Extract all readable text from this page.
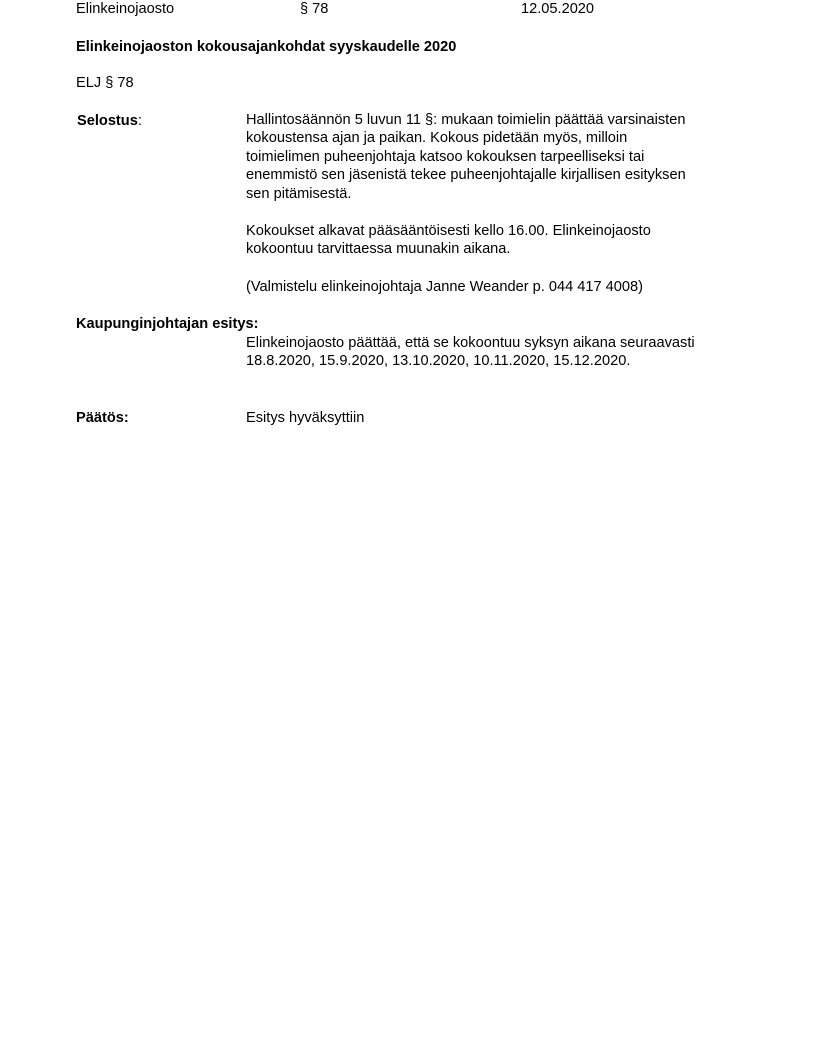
Elinkeinojaosto	§ 78	12.05.2020
Elinkeinojaoston kokousajankohdat syyskaudelle 2020
ELJ § 78
Selostus:	Hallintosäännön 5 luvun 11 §: mukaan toimielin päättää varsinaisten
kokoustensa ajan ja paikan. Kokous pidetään myös, milloin
toimielimen puheenjohtaja katsoo kokouksen tarpeelliseksi tai
enemmistö sen jäsenistä tekee puheenjohtajalle kirjallisen esityksen
sen pitämisestä.
Kokoukset alkavat pääsääntöisesti kello 16.00. Elinkeinojaosto
kokoontuu tarvittaessa muunakin aikana.
(Valmistelu elinkeinojohtaja Janne Weander p. 044 417 4008)
Kaupunginjohtajan esitys:
Elinkeinojaosto päättää, että se kokoontuu syksyn aikana seuraavasti
18.8.2020, 15.9.2020, 13.10.2020, 10.11.2020, 15.12.2020.
Päätös:	Esitys hyväksyttiin
